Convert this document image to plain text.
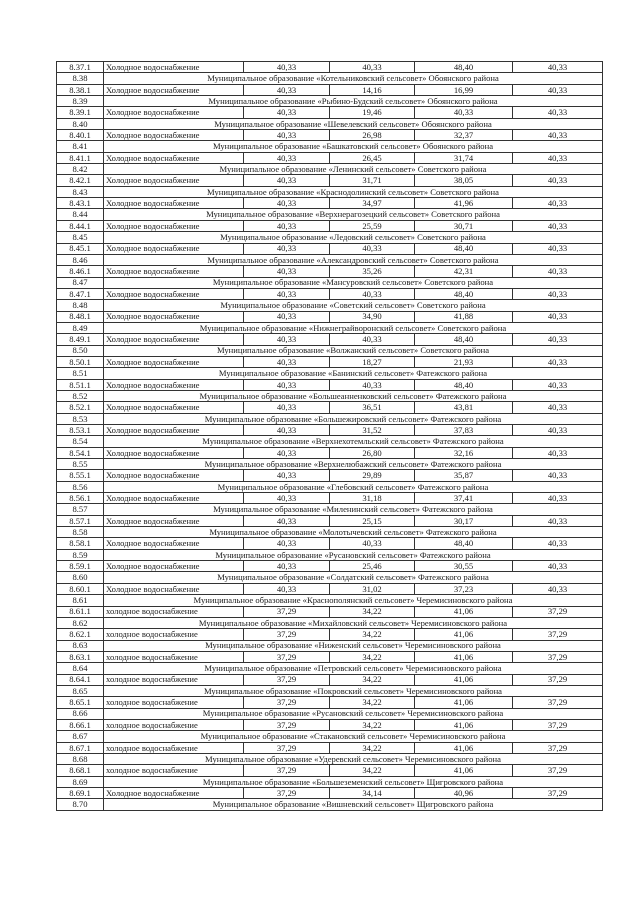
8.37.1	Холодное водоснабжение	40,33	40,33	48,40	40,33
8.38	Муниципальное образование «Котельниковский сельсовет» Обоянского района				
8.38.1	Холодное водоснабжение	40,33	14,16	16,99	40,33
8.39	Муниципальное образование «Рыбино-Будский сельсовет» Обоянского района				
8.39.1	Холодное водоснабжение	40,33	19,46	40,33	40,33
8.40	Муниципальное образование «Шевелевский сельсовет» Обоянского района				
8.40.1	Холодное водоснабжение	40,33	26,98	32,37	40,33
8.41	Муниципальное образование «Башкатовский сельсовет» Обоянского района				
8.41.1	Холодное водоснабжение	40,33	26,45	31,74	40,33
8.42	Муниципальное образование «Ленинский сельсовет» Советского района				
8.42.1	Холодное водоснабжение	40,33	31,71	38,05	40,33
8.43	Муниципальное образование «Краснодолинский сельсовет» Советского района				
8.43.1	Холодное водоснабжение	40,33	34,97	41,96	40,33
8.44	Муниципальное образование «Верхнерагозецкий сельсовет» Советского района				
8.44.1	Холодное водоснабжение	40,33	25,59	30,71	40,33
8.45	Муниципальное образование «Ледовский сельсовет» Советского района				
8.45.1	Холодное водоснабжение	40,33	40,33	48,40	40,33
8.46	Муниципальное образование «Александровский сельсовет» Советского района				
8.46.1	Холодное водоснабжение	40,33	35,26	42,31	40,33
8.47	Муниципальное образование «Мансуровский сельсовет» Советского района				
8.47.1	Холодное водоснабжение	40,33	40,33	48,40	40,33
8.48	Муниципальное образование «Советский сельсовет» Советского района				
8.48.1	Холодное водоснабжение	40,33	34,90	41,88	40,33
8.49	Муниципальное образование «Нижнеграйворонский сельсовет» Советского района				
8.49.1	Холодное водоснабжение	40,33	40,33	48,40	40,33
8.50	Муниципальное образование «Волжанский сельсовет» Советского района				
8.50.1	Холодное водоснабжение	40,33	18,27	21,93	40,33
8.51	Муниципальное образование «Банинский сельсовет» Фатежского района				
8.51.1	Холодное водоснабжение	40,33	40,33	48,40	40,33
8.52	Муниципальное образование «Большеанненковский сельсовет» Фатежского района				
8.52.1	Холодное водоснабжение	40,33	36,51	43,81	40,33
8.53	Муниципальное образование «Большежировский сельсовет» Фатежского района				
8.53.1	Холодное водоснабжение	40,33	31,52	37,83	40,33
8.54	Муниципальное образование «Верхнехотемльский сельсовет» Фатежского района				
8.54.1	Холодное водоснабжение	40,33	26,80	32,16	40,33
8.55	Муниципальное образование «Верхнелюбажский сельсовет» Фатежского района				
8.55.1	Холодное водоснабжение	40,33	29,89	35,87	40,33
8.56	Муниципальное образование «Глебовский сельсовет» Фатежского района				
8.56.1	Холодное водоснабжение	40,33	31,18	37,41	40,33
8.57	Муниципальное образование «Миленинский сельсовет» Фатежского района				
8.57.1	Холодное водоснабжение	40,33	25,15	30,17	40,33
8.58	Муниципальное образование «Молотычевский сельсовет» Фатежского района				
8.58.1	Холодное водоснабжение	40,33	40,33	48,40	40,33
8.59	Муниципальное образование «Русановский сельсовет» Фатежского района				
8.59.1	Холодное водоснабжение	40,33	25,46	30,55	40,33
8.60	Муниципальное образование «Солдатский сельсовет» Фатежского района				
8.60.1	Холодное водоснабжение	40,33	31,02	37,23	40,33
8.61	Муниципальное образование «Краснополянский сельсовет» Черемисиновского района				
8.61.1	холодное водоснабжение	37,29	34,22	41,06	37,29
8.62	Муниципальное образование «Михайловский сельсовет» Черемисиновского района				
8.62.1	холодное водоснабжение	37,29	34,22	41,06	37,29
8.63	Муниципальное образование «Ниженский сельсовет» Черемисиновского района				
8.63.1	холодное водоснабжение	37,29	34,22	41,06	37,29
8.64	Муниципальное образование «Петровский сельсовет» Черемисиновского района				
8.64.1	холодное водоснабжение	37,29	34,22	41,06	37,29
8.65	Муниципальное образование «Покровский сельсовет» Черемисиновского района				
8.65.1	холодное водоснабжение	37,29	34,22	41,06	37,29
8.66	Муниципальное образование «Русановский сельсовет» Черемисиновского района				
8.66.1	холодное водоснабжение	37,29	34,22	41,06	37,29
8.67	Муниципальное образование «Стакановский сельсовет» Черемисиновского района				
8.67.1	холодное водоснабжение	37,29	34,22	41,06	37,29
8.68	Муниципальное образование «Удеревский сельсовет» Черемисиновского района				
8.68.1	холодное водоснабжение	37,29	34,22	41,06	37,29
8.69	Муниципальное образование «Большеземенский сельсовет» Щигровского района				
8.69.1	Холодное водоснабжение	37,29	34,14	40,96	37,29
8.70	Муниципальное образование «Вишневский сельсовет» Щигровского района				
